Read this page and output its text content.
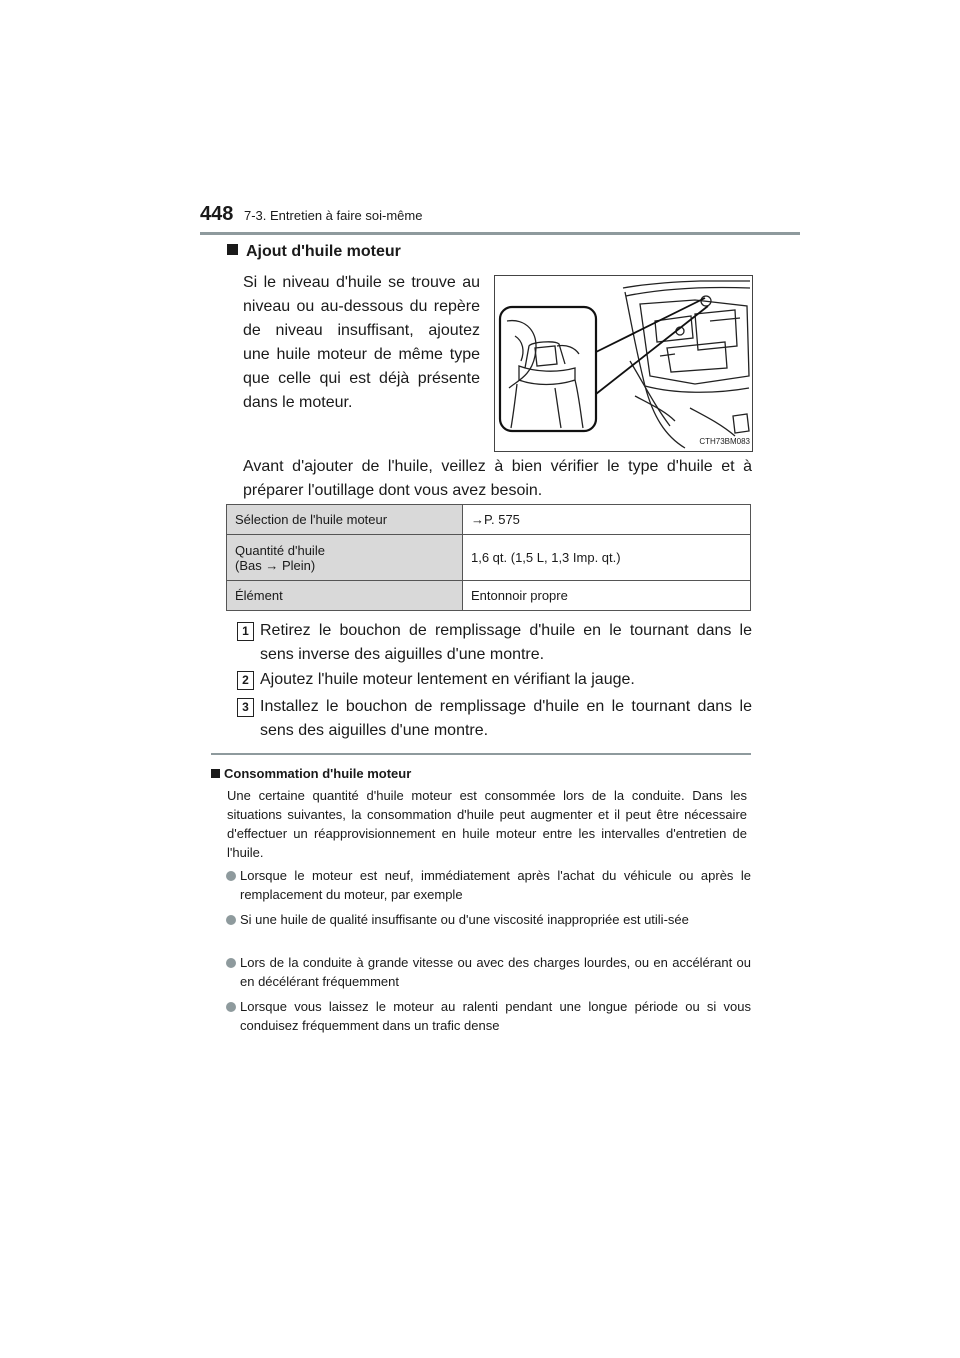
448 7-3. Entretien à faire soi-même
Ajout d'huile moteur

Si le niveau d'huile se trouve au niveau ou au-dessous du repère de niveau insuffisant, ajoutez une huile moteur de même type que celle qui est déjà présente dans le moteur.

CTH73BM083

Avant d'ajouter de l'huile, veillez à bien vérifier le type d'huile et à préparer l'outillage dont vous avez besoin.

Sélection de l'huile moteur	→P. 575

Quantité d'huile
(Bas → Plein)	1,6 qt. (1,5 L, 1,3 Imp. qt.)
Élément	Entonnoir propre
1 Retirez le bouchon de remplissage d'huile en le tournant dans le sens inverse des aiguilles d'une montre.
2 Ajoutez l'huile moteur lentement en vérifiant la jauge.
3 Installez le bouchon de remplissage d'huile en le tournant dans le sens des aiguilles d'une montre.
Consommation d'huile moteur

Une certaine quantité d'huile moteur est consommée lors de la conduite. Dans les situations suivantes, la consommation d'huile peut augmenter et il peut être nécessaire d'effectuer un réapprovisionnement en huile moteur entre les intervalles d'entretien de l'huile.

Lorsque le moteur est neuf, immédiatement après l'achat du véhicule ou après le remplacement du moteur, par exemple
Si une huile de qualité insuffisante ou d'une viscosité inappropriée est utili-sée
Lors de la conduite à grande vitesse ou avec des charges lourdes, ou en accélérant ou en décélérant fréquemment
Lorsque vous laissez le moteur au ralenti pendant une longue période ou si vous conduisez fréquemment dans un trafic dense
